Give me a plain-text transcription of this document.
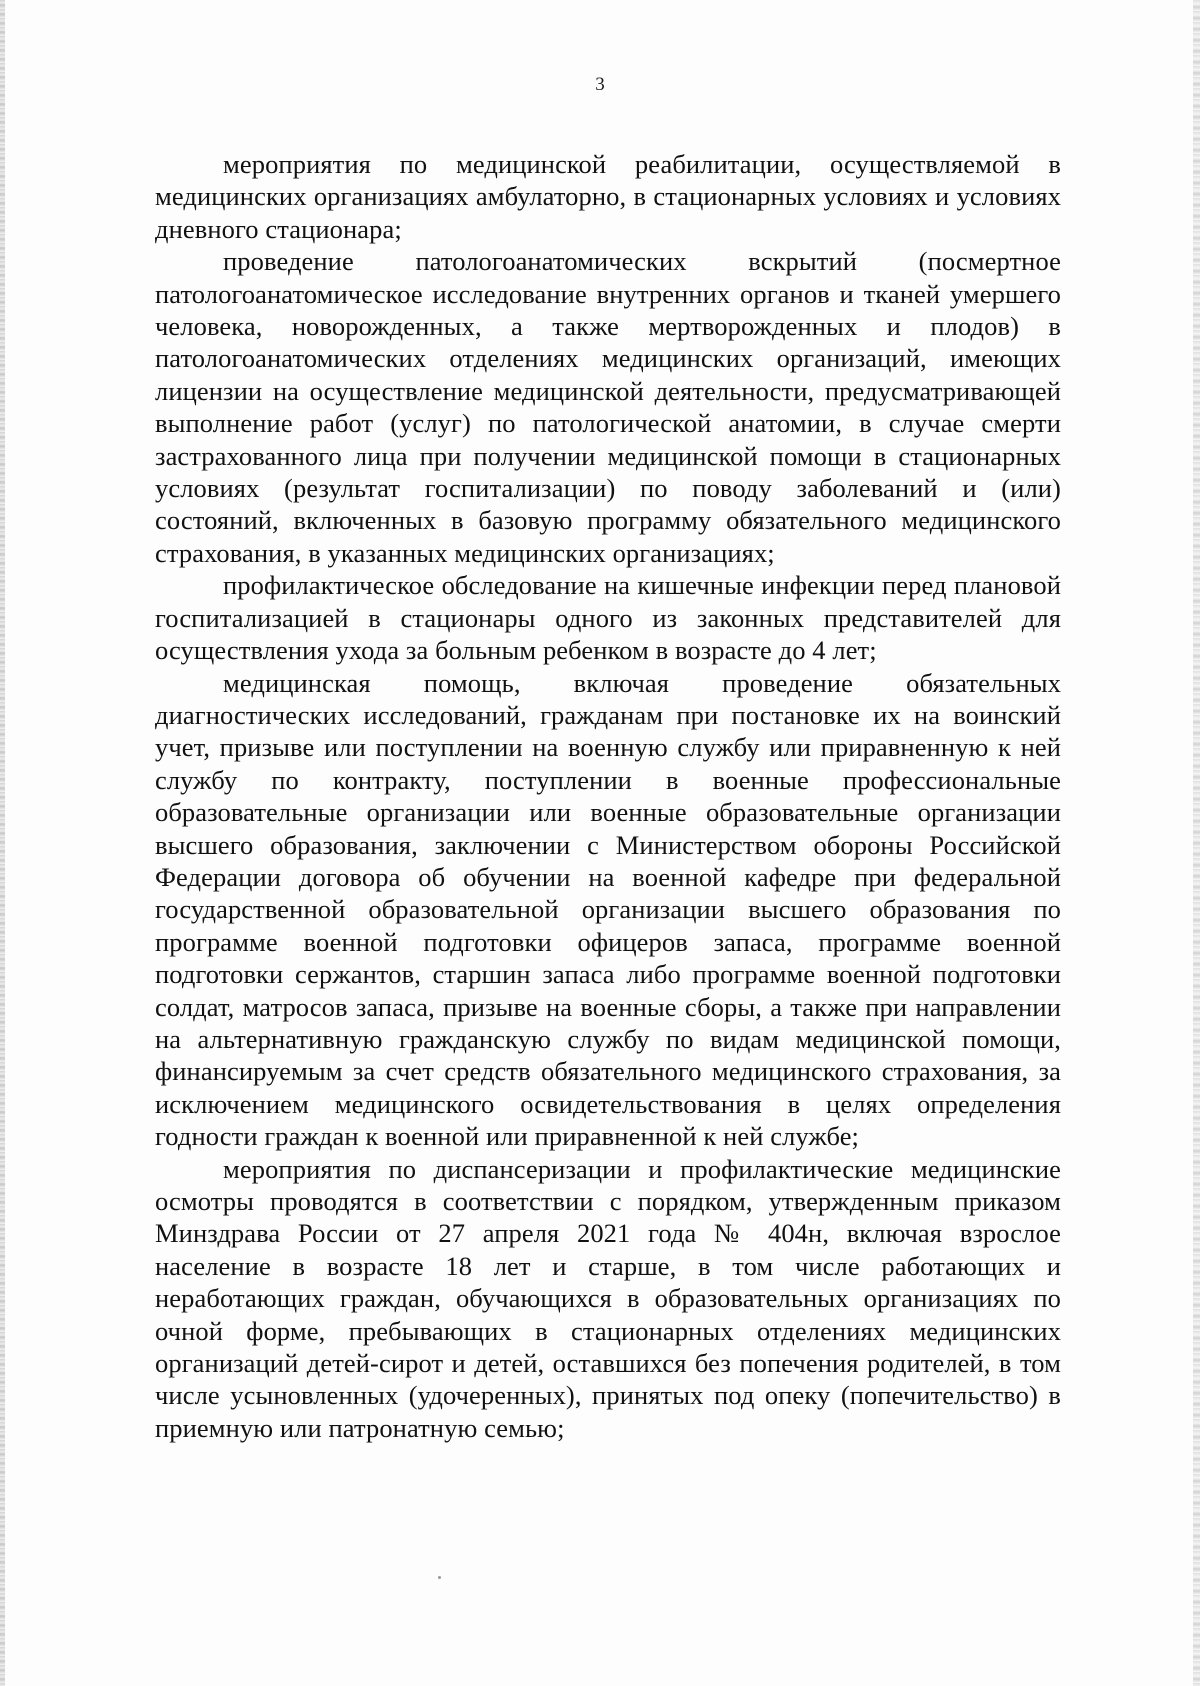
3

мероприятия по медицинской реабилитации, осуществляемой в медицинских организациях амбулаторно, в стационарных условиях и условиях дневного стационара;

проведение патологоанатомических вскрытий (посмертное патологоанатомическое исследование внутренних органов и тканей умершего человека, новорожденных, а также мертворожденных и плодов) в патологоанатомических отделениях медицинских организаций, имеющих лицензии на осуществление медицинской деятельности, предусматривающей выполнение работ (услуг) по патологической анатомии, в случае смерти застрахованного лица при получении медицинской помощи в стационарных условиях (результат госпитализации) по поводу заболеваний и (или) состояний, включенных в базовую программу обязательного медицинского страхования, в указанных медицинских организациях;

профилактическое обследование на кишечные инфекции перед плановой госпитализацией в стационары одного из законных представителей для осуществления ухода за больным ребенком в возрасте до 4 лет;

медицинская помощь, включая проведение обязательных диагностических исследований, гражданам при постановке их на воинский учет, призыве или поступлении на военную службу или приравненную к ней службу по контракту, поступлении в военные профессиональные образовательные организации или военные образовательные организации высшего образования, заключении с Министерством обороны Российской Федерации договора об обучении на военной кафедре при федеральной государственной образовательной организации высшего образования по программе военной подготовки офицеров запаса, программе военной подготовки сержантов, старшин запаса либо программе военной подготовки солдат, матросов запаса, призыве на военные сборы, а также при направлении на альтернативную гражданскую службу по видам медицинской помощи, финансируемым за счет средств обязательного медицинского страхования, за исключением медицинского освидетельствования в целях определения годности граждан к военной или приравненной к ней службе;

мероприятия по диспансеризации и профилактические медицинские осмотры проводятся в соответствии с порядком, утвержденным приказом Минздрава России от 27 апреля 2021 года № 404н, включая взрослое население в возрасте 18 лет и старше, в том числе работающих и неработающих граждан, обучающихся в образовательных организациях по очной форме, пребывающих в стационарных отделениях медицинских организаций детей-сирот и детей, оставшихся без попечения родителей, в том числе усыновленных (удочеренных), принятых под опеку (попечительство) в приемную или патронатную семью;
